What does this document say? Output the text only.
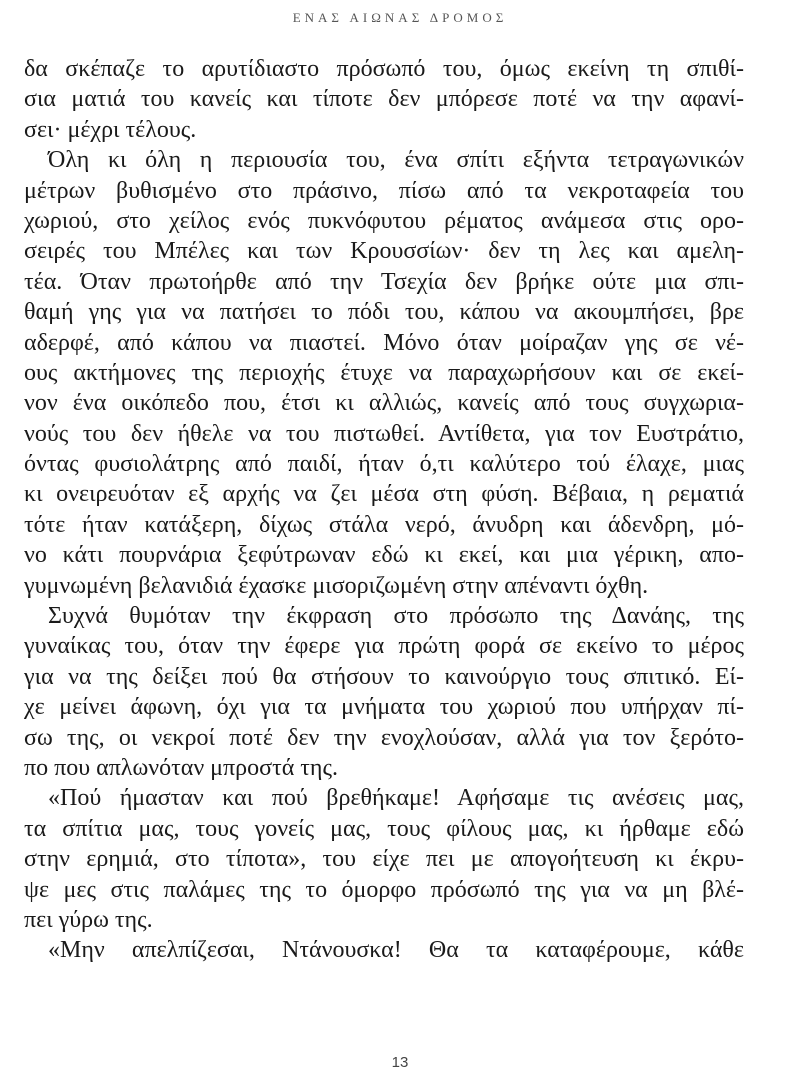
ΕΝΑΣ ΑΙΩΝΑΣ ΔΡΟΜΟΣ
δα σκέπαζε το αρυτίδιαστο πρόσωπό του, όμως εκείνη τη σπιθί-
σια ματιά του κανείς και τίποτε δεν μπόρεσε ποτέ να την αφανί-
σει· μέχρι τέλους.
Όλη κι όλη η περιουσία του, ένα σπίτι εξήντα τετραγωνικών
μέτρων βυθισμένο στο πράσινο, πίσω από τα νεκροταφεία του
χωριού, στο χείλος ενός πυκνόφυτου ρέματος ανάμεσα στις ορο-
σειρές του Μπέλες και των Κρουσσίων· δεν τη λες και αμελη-
τέα. Όταν πρωτοήρθε από την Τσεχία δεν βρήκε ούτε μια σπι-
θαμή γης για να πατήσει το πόδι του, κάπου να ακουμπήσει, βρε
αδερφέ, από κάπου να πιαστεί. Μόνο όταν μοίραζαν γης σε νέ-
ους ακτήμονες της περιοχής έτυχε να παραχωρήσουν και σε εκεί-
νον ένα οικόπεδο που, έτσι κι αλλιώς, κανείς από τους συγχωρια-
νούς του δεν ήθελε να του πιστωθεί. Αντίθετα, για τον Ευστράτιο,
όντας φυσιολάτρης από παιδί, ήταν ό,τι καλύτερο τού έλαχε, μιας
κι ονειρευόταν εξ αρχής να ζει μέσα στη φύση. Βέβαια, η ρεματιά
τότε ήταν κατάξερη, δίχως στάλα νερό, άνυδρη και άδενδρη, μό-
νο κάτι πουρνάρια ξεφύτρωναν εδώ κι εκεί, και μια γέρικη, απο-
γυμνωμένη βελανιδιά έχασκε μισοριζωμένη στην απέναντι όχθη.
Συχνά θυμόταν την έκφραση στο πρόσωπο της Δανάης, της
γυναίκας του, όταν την έφερε για πρώτη φορά σε εκείνο το μέρος
για να της δείξει πού θα στήσουν το καινούργιο τους σπιτικό. Εί-
χε μείνει άφωνη, όχι για τα μνήματα του χωριού που υπήρχαν πί-
σω της, οι νεκροί ποτέ δεν την ενοχλούσαν, αλλά για τον ξερότο-
πο που απλωνόταν μπροστά της.
«Πού ήμασταν και πού βρεθήκαμε! Αφήσαμε τις ανέσεις μας,
τα σπίτια μας, τους γονείς μας, τους φίλους μας, κι ήρθαμε εδώ
στην ερημιά, στο τίποτα», του είχε πει με απογοήτευση κι έκρυ-
ψε μες στις παλάμες της το όμορφο πρόσωπό της για να μη βλέ-
πει γύρω της.
«Μην απελπίζεσαι, Ντάνουσκα! Θα τα καταφέρουμε, κάθε
13
